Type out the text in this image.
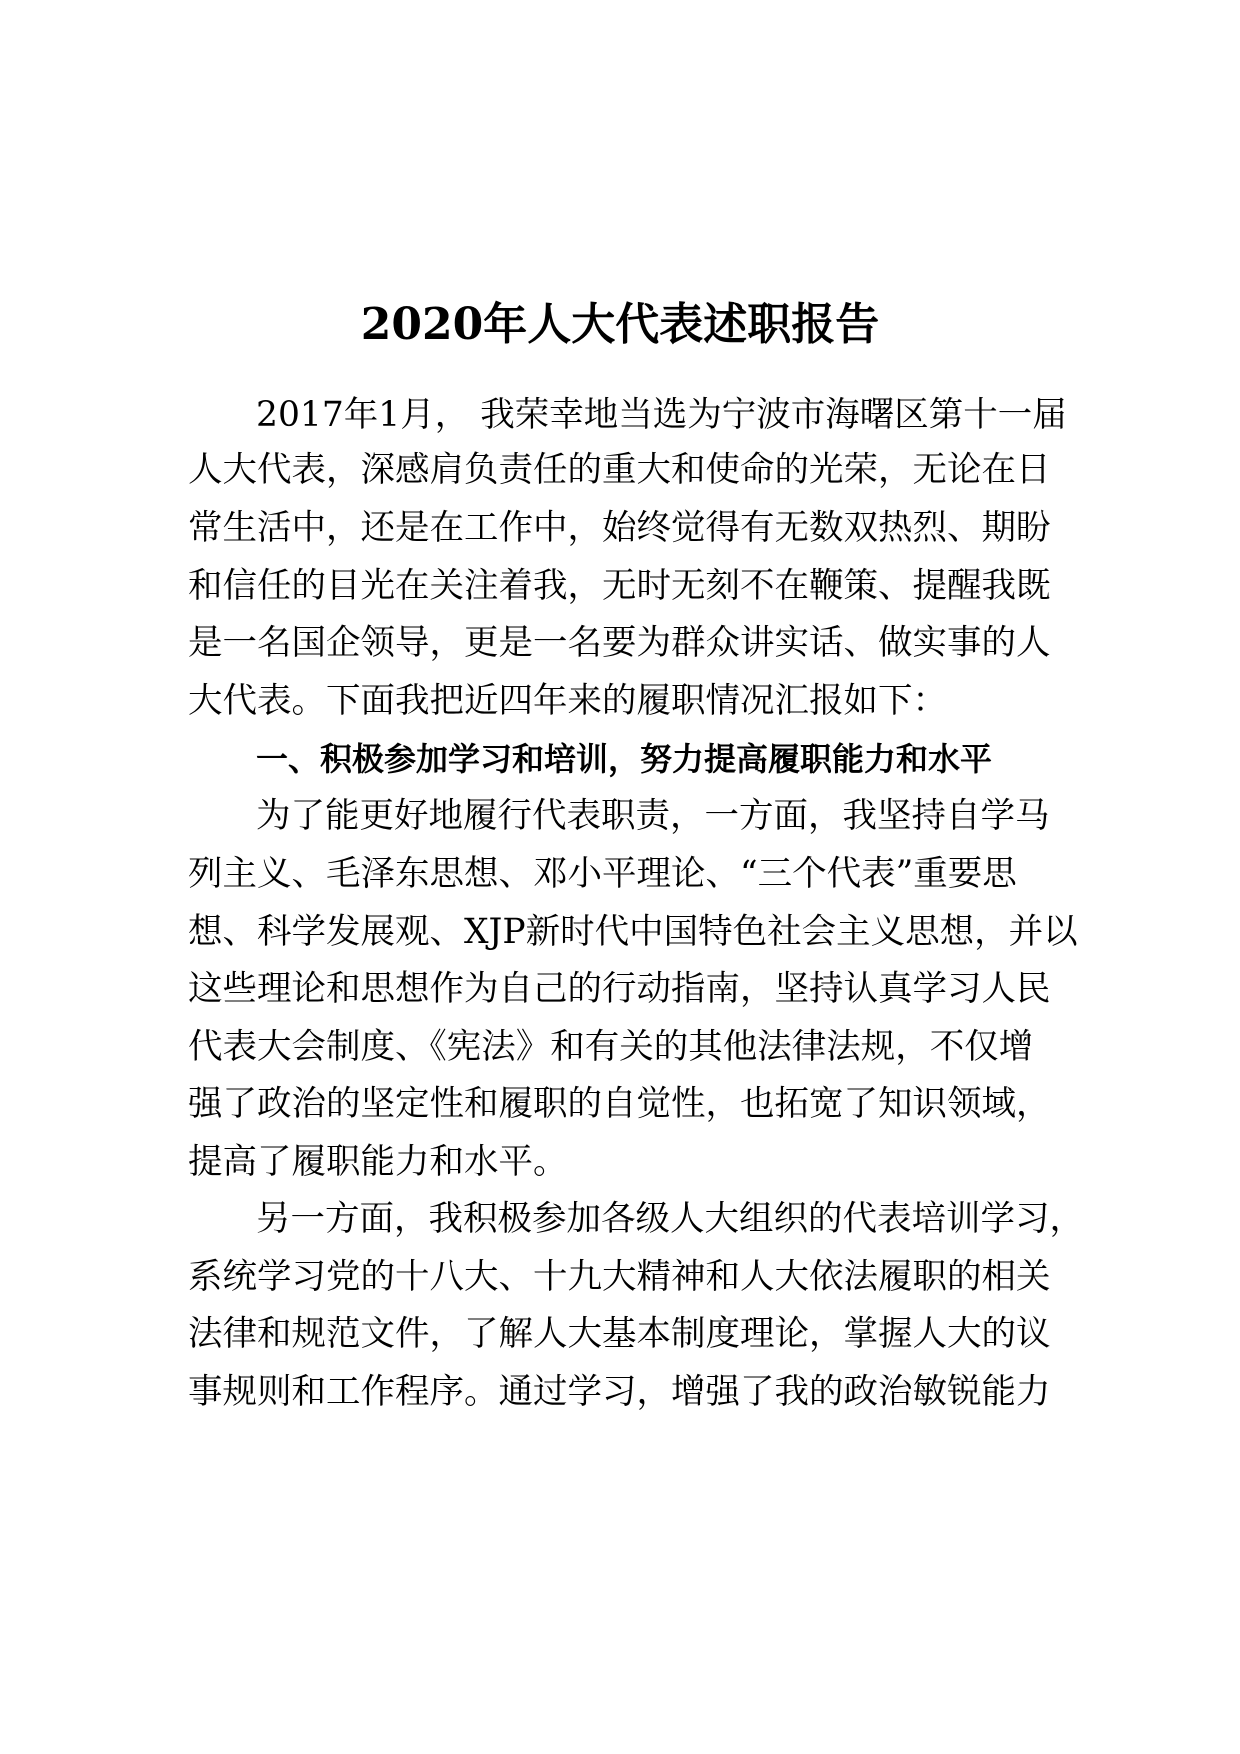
2020年人大代表述职报告
2017年1月， 我荣幸地当选为宁波市海曙区第十一届
人大代表，深感肩负责任的重大和使命的光荣，无论在日
常生活中，还是在工作中，始终觉得有无数双热烈、期盼
和信任的目光在关注着我，无时无刻不在鞭策、提醒我既
是一名国企领导，更是一名要为群众讲实话、做实事的人
大代表。下面我把近四年来的履职情况汇报如下：
一、积极参加学习和培训，努力提高履职能力和水平
为了能更好地履行代表职责，一方面，我坚持自学马
列主义、毛泽东思想、邓小平理论、“三个代表”重要思
想、科学发展观、XJP新时代中国特色社会主义思想，并以
这些理论和思想作为自己的行动指南，坚持认真学习人民
代表大会制度、《宪法》和有关的其他法律法规，不仅增
强了政治的坚定性和履职的自觉性，也拓宽了知识领域，
提高了履职能力和水平。
另一方面，我积极参加各级人大组织的代表培训学习，
系统学习党的十八大、十九大精神和人大依法履职的相关
法律和规范文件，了解人大基本制度理论，掌握人大的议
事规则和工作程序。通过学习，增强了我的政治敏锐能力
